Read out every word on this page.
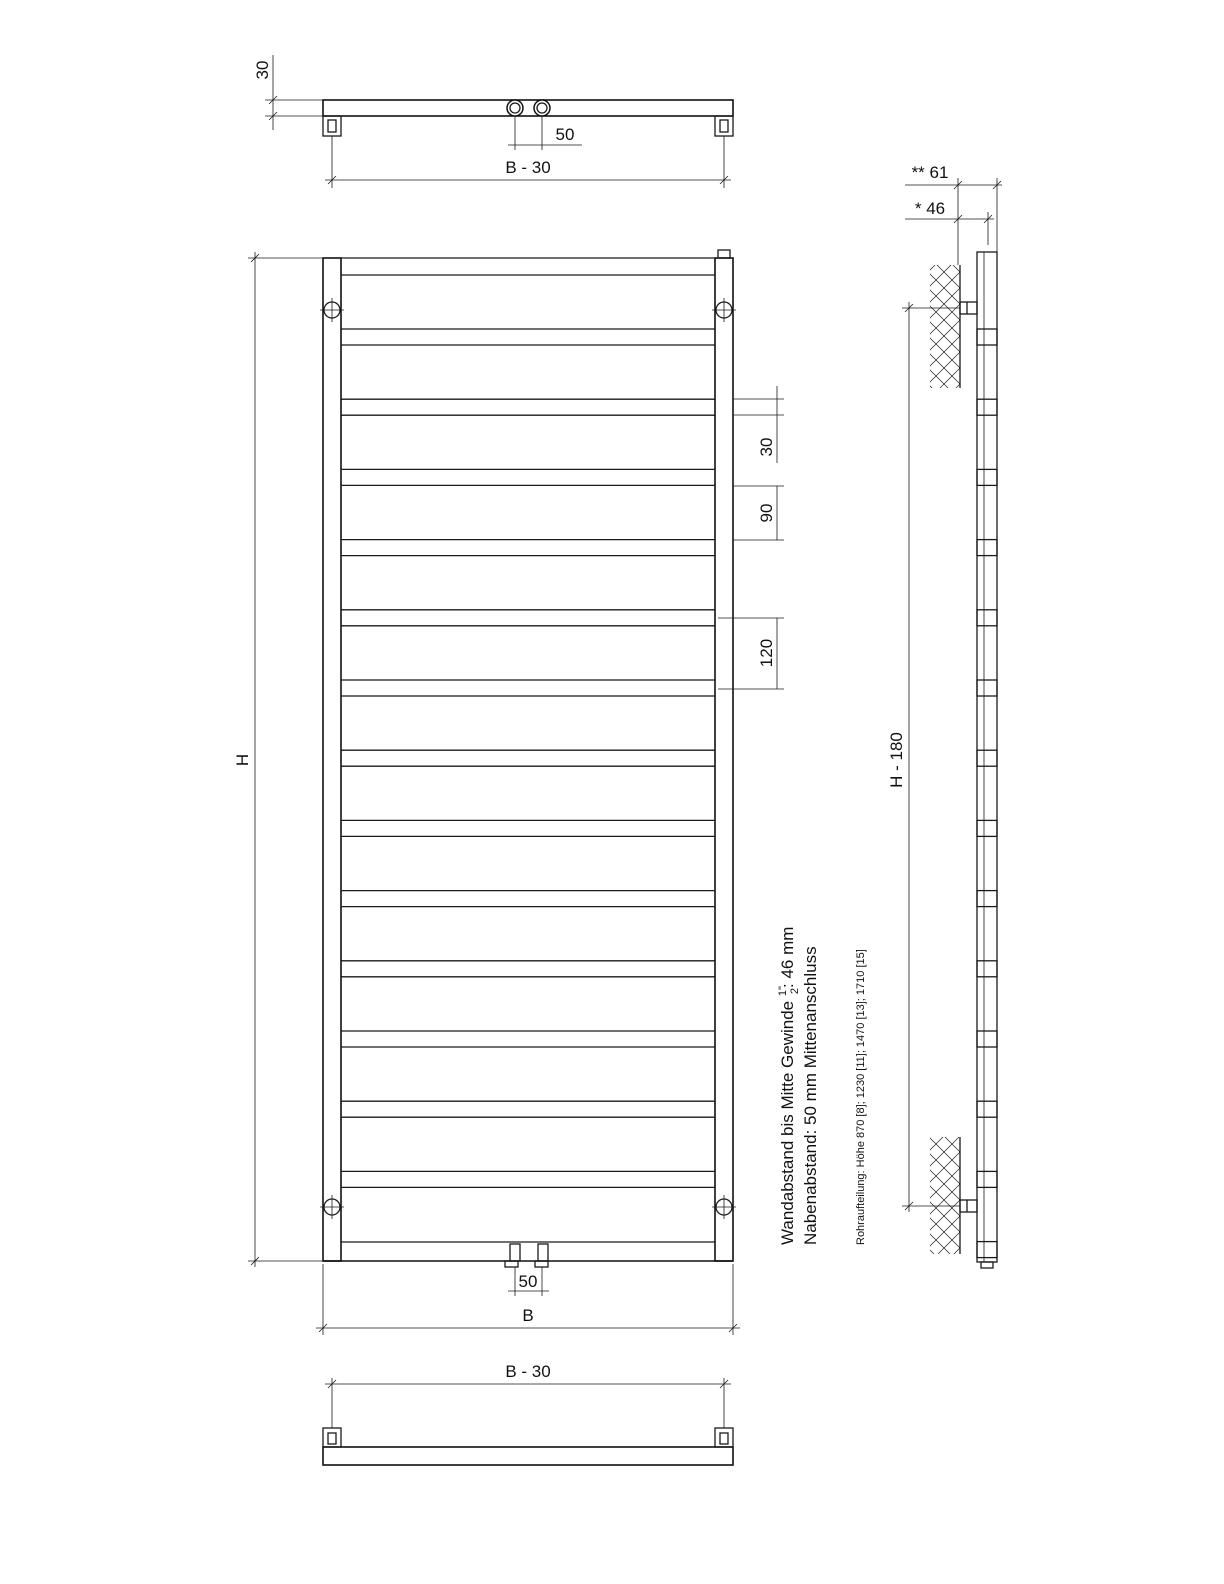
30
50
B - 30
50
B
H
30
90
120
B - 30
Wandabstand bis Mitte Gewinde $^{1"}$2: 46 mm Nabenabstand: 50 mm Mittenanschluss	Rohraufteilung: Höhe 870 [8]; 1230 [11]; 1470 [13]; 1710 [15]
** 61
* 46
H - 180
